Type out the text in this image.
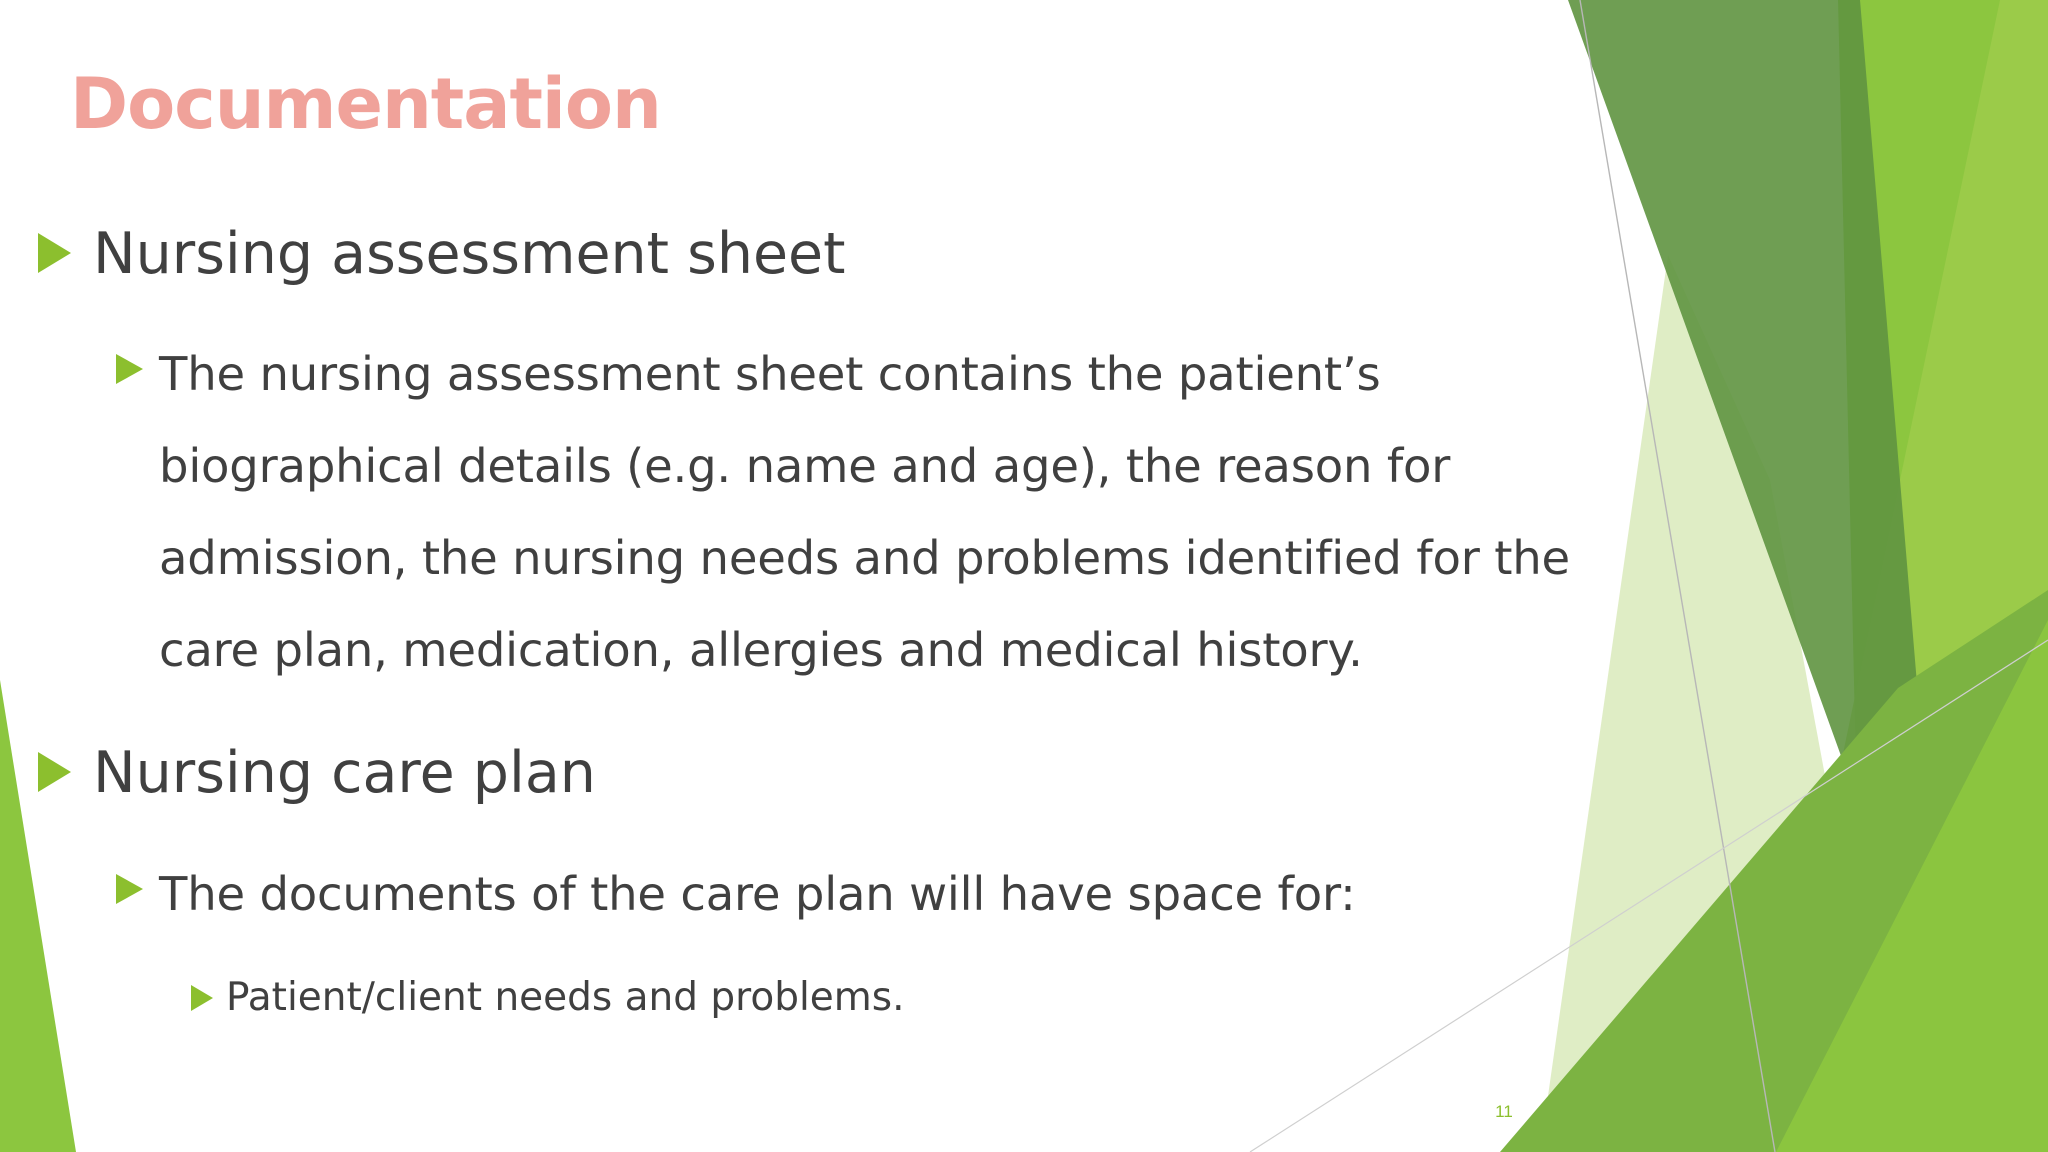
Documentation
Nursing assessment sheet
The nursing assessment sheet contains the patient’s biographical details (e.g. name and age), the reason for admission, the nursing needs and problems identified for the care plan, medication, allergies and medical history.
Nursing care plan
The documents of the care plan will have space for:
Patient/client needs and problems.
11
